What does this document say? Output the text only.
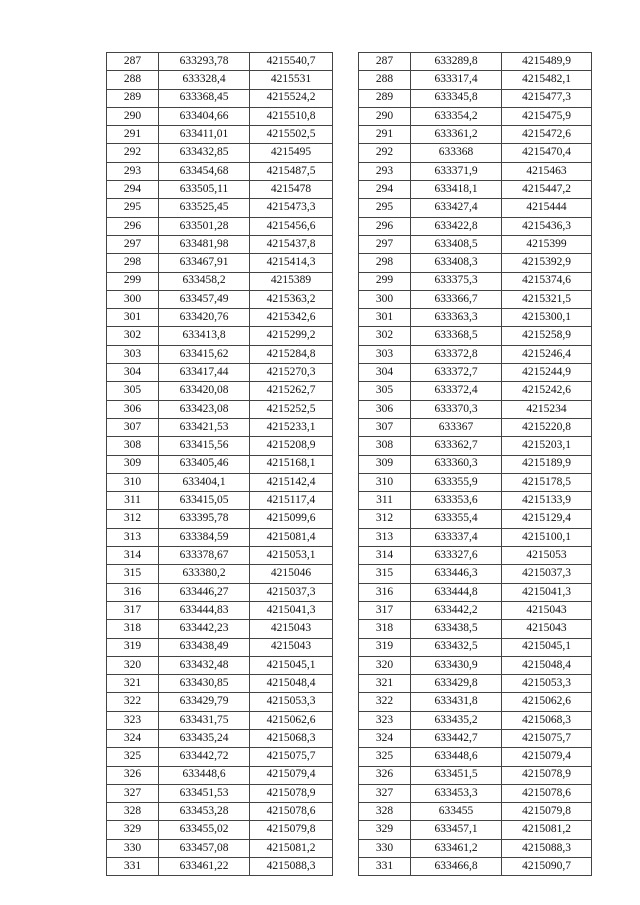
287	633293,78	4215540,7
288	633328,4	4215531
289	633368,45	4215524,2
290	633404,66	4215510,8
291	633411,01	4215502,5
292	633432,85	4215495
293	633454,68	4215487,5
294	633505,11	4215478
295	633525,45	4215473,3
296	633501,28	4215456,6
297	633481,98	4215437,8
298	633467,91	4215414,3
299	633458,2	4215389
300	633457,49	4215363,2
301	633420,76	4215342,6
302	633413,8	4215299,2
303	633415,62	4215284,8
304	633417,44	4215270,3
305	633420,08	4215262,7
306	633423,08	4215252,5
307	633421,53	4215233,1
308	633415,56	4215208,9
309	633405,46	4215168,1
310	633404,1	4215142,4
311	633415,05	4215117,4
312	633395,78	4215099,6
313	633384,59	4215081,4
314	633378,67	4215053,1
315	633380,2	4215046
316	633446,27	4215037,3
317	633444,83	4215041,3
318	633442,23	4215043
319	633438,49	4215043
320	633432,48	4215045,1
321	633430,85	4215048,4
322	633429,79	4215053,3
323	633431,75	4215062,6
324	633435,24	4215068,3
325	633442,72	4215075,7
326	633448,6	4215079,4
327	633451,53	4215078,9
328	633453,28	4215078,6
329	633455,02	4215079,8
330	633457,08	4215081,2
331	633461,22	4215088,3
287	633289,8	4215489,9
288	633317,4	4215482,1
289	633345,8	4215477,3
290	633354,2	4215475,9
291	633361,2	4215472,6
292	633368	4215470,4
293	633371,9	4215463
294	633418,1	4215447,2
295	633427,4	4215444
296	633422,8	4215436,3
297	633408,5	4215399
298	633408,3	4215392,9
299	633375,3	4215374,6
300	633366,7	4215321,5
301	633363,3	4215300,1
302	633368,5	4215258,9
303	633372,8	4215246,4
304	633372,7	4215244,9
305	633372,4	4215242,6
306	633370,3	4215234
307	633367	4215220,8
308	633362,7	4215203,1
309	633360,3	4215189,9
310	633355,9	4215178,5
311	633353,6	4215133,9
312	633355,4	4215129,4
313	633337,4	4215100,1
314	633327,6	4215053
315	633446,3	4215037,3
316	633444,8	4215041,3
317	633442,2	4215043
318	633438,5	4215043
319	633432,5	4215045,1
320	633430,9	4215048,4
321	633429,8	4215053,3
322	633431,8	4215062,6
323	633435,2	4215068,3
324	633442,7	4215075,7
325	633448,6	4215079,4
326	633451,5	4215078,9
327	633453,3	4215078,6
328	633455	4215079,8
329	633457,1	4215081,2
330	633461,2	4215088,3
331	633466,8	4215090,7
